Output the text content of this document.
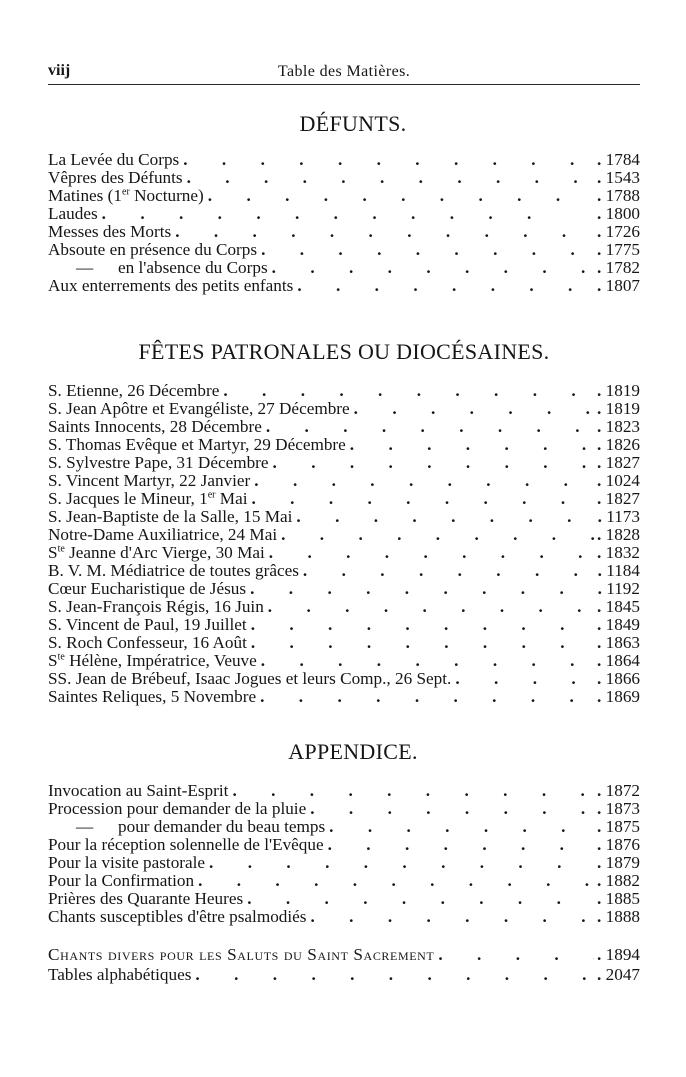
viij	Table des Matières.
DÉFUNTS.
La Levée du Corps .	. 1784
Vêpres des Défunts .	. 1543
Matines (1er Nocturne) .	. 1788
Laudes .	. 1800
Messes des Morts .	. 1726
Absoute en présence du Corps .	. 1775
— en l'absence du Corps .	. 1782
Aux enterrements des petits enfants .	. 1807
FÊTES PATRONALES OU DIOCÉSAINES.
S. Etienne, 26 Décembre .	. 1819
S. Jean Apôtre et Evangéliste, 27 Décembre .	. 1819
Saints Innocents, 28 Décembre .	. 1823
S. Thomas Evêque et Martyr, 29 Décembre .	. 1826
S. Sylvestre Pape, 31 Décembre .	. 1827
S. Vincent Martyr, 22 Janvier .	. 1024
S. Jacques le Mineur, 1er Mai .	. 1827
S. Jean-Baptiste de la Salle, 15 Mai .	. 1173
Notre-Dame Auxiliatrice, 24 Mai .	. 1828
$S^{te}$ Jeanne d'Arc Vierge, 30 Mai .	. 1832
B. V. M. Médiatrice de toutes grâces .	. 1184
Cœur Eucharistique de Jésus .	. 1192
S. Jean-François Régis, 16 Juin .	. 1845
S. Vincent de Paul, 19 Juillet .	. 1849
S. Roch Confesseur, 16 Août .	. 1863
$S^{te}$ Hélène, Impératrice, Veuve .	. 1864
SS. Jean de Brébeuf, Isaac Jogues et leurs Comp., 26 Sept. .	. 1866
Saintes Reliques, 5 Novembre .	. 1869
APPENDICE.
Invocation au Saint-Esprit .	. 1872
Procession pour demander de la pluie .	. 1873
— pour demander du beau temps .	. 1875
Pour la réception solennelle de l'Evêque .	. 1876
Pour la visite pastorale .	. 1879
Pour la Confirmation .	. 1882
Prières des Quarante Heures .	. 1885
Chants susceptibles d'être psalmodiés .	. 1888
Chants divers pour les Saluts du Saint Sacrement .	. 1894
Tables alphabétiques .	. 2047
